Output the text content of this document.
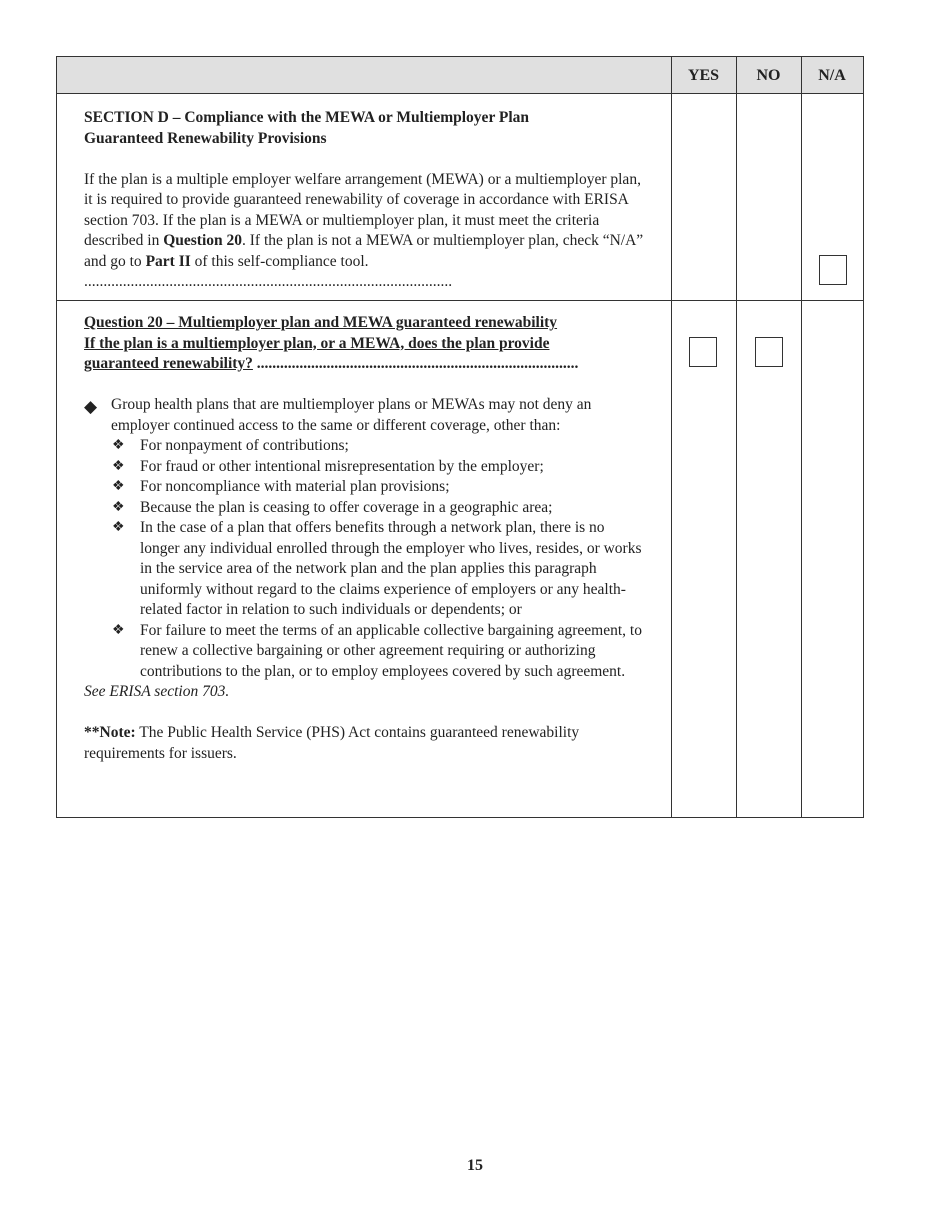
YES	NO	N/A

SECTION D – Compliance with the MEWA or Multiemployer Plan
Guaranteed Renewability Provisions

If the plan is a multiple employer welfare arrangement (MEWA) or a multiemployer plan, it is required to provide guaranteed renewability of coverage in accordance with ERISA section 703. If the plan is a MEWA or multiemployer plan, it must meet the criteria described in Question 20. If the plan is not a MEWA or multiemployer plan, check “N/A” and go to Part II of this self-compliance tool. ...............................................................................................

Question 20 – Multiemployer plan and MEWA guaranteed renewability
If the plan is a multiemployer plan, or a MEWA, does the plan provide
guaranteed renewability? ...................................................................................

◆ Group health plans that are multiemployer plans or MEWAs may not deny an employer continued access to the same or different coverage, other than:
❖ For nonpayment of contributions;
❖ For fraud or other intentional misrepresentation by the employer;
❖ For noncompliance with material plan provisions;
❖ Because the plan is ceasing to offer coverage in a geographic area;
❖ In the case of a plan that offers benefits through a network plan, there is no longer any individual enrolled through the employer who lives, resides, or works in the service area of the network plan and the plan applies this paragraph uniformly without regard to the claims experience of employers or any health-related factor in relation to such individuals or dependents; or
❖ For failure to meet the terms of an applicable collective bargaining agreement, to renew a collective bargaining or other agreement requiring or authorizing contributions to the plan, or to employ employees covered by such agreement.

See ERISA section 703.

**Note: The Public Health Service (PHS) Act contains guaranteed renewability requirements for issuers.

15
